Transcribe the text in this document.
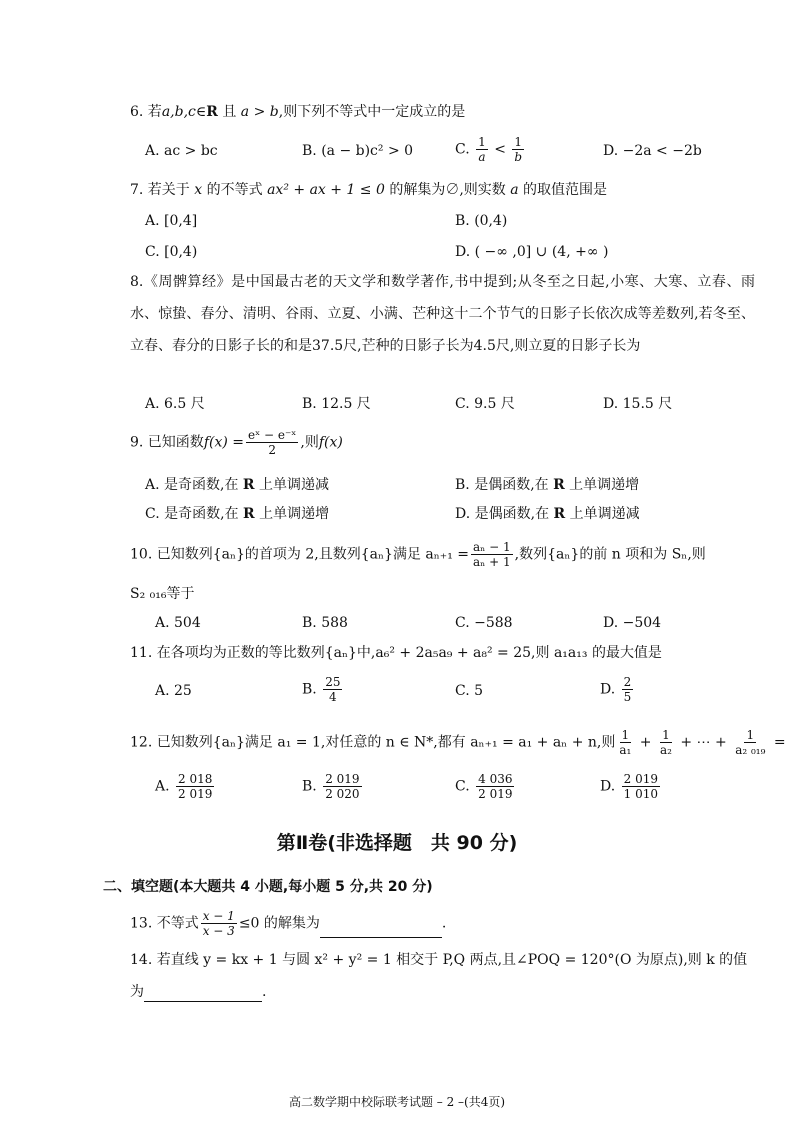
6. 若a,b,c∈R 且 a > b,则下列不等式中一定成立的是
A. ac > bc	B. (a − b)c² > 0	C. $\frac{1}{a} < \frac{1}{b}$	D. −2a < −2b
7. 若关于 x 的不等式 ax² + ax + 1 ≤ 0 的解集为∅,则实数 a 的取值范围是
A. [0,4]	B. (0,4)
C. [0,4)	D. ( −∞ ,0] ∪ (4, +∞ )
8.《周髀算经》是中国最古老的天文学和数学著作,书中提到;从冬至之日起,小寒、大寒、立春、雨水、惊蛰、春分、清明、谷雨、立夏、小满、芒种这十二个节气的日影子长依次成等差数列,若冬至、立春、春分的日影子长的和是37.5尺,芒种的日影子长为4.5尺,则立夏的日影子长为
A. 6.5 尺	B. 12.5 尺	C. 9.5 尺	D. 15.5 尺
9. 已知函数$f(x) = \frac{\text{eˣ − e⁻ˣ}}{2}$ ,则f(x)
A. 是奇函数,在 R 上单调递减	B. 是偶函数,在 R 上单调递增
C. 是奇函数,在 R 上单调递增	D. 是偶函数,在 R 上单调递减
10. 已知数列{aₙ}的首项为 2,且数列{aₙ}满足 $a_{n+1} = \frac{\text{aₙ − 1}}{\text{aₙ + 1}}$ ,数列{aₙ}的前 n 项和为 Sₙ,则
S₂ ₀₁₆等于
A. 504	B. 588	C. −588	D. −504
11. 在各项均为正数的等比数列{aₙ}中,a₆² + 2a₅a₉ + a₈² = 25,则 a₁a₁₃ 的最大值是
A. 25	B. $\frac{25}{4}$	C. 5	D. $\frac{2}{5}$
12. 已知数列{aₙ}满足 a₁ = 1,对任意的 n ∈ N*,都有 aₙ₊₁ = a₁ + aₙ + n,则 $\frac{1}{\text{a₁}} + \frac{1}{\text{a₂}}$ + ⋯ + $\frac{1}{\text{a₂ ₀₁₉}}$ =
A. $\frac{2 018}{2 019}$	B. $\frac{2 019}{2 020}$	C. $\frac{4 036}{2 019}$	D. $\frac{2 019}{1 010}$
第Ⅱ卷(非选择题　共 90 分)
二、填空题(本大题共 4 小题,每小题 5 分,共 20 分)
13. 不等式 $\frac{x - 1}{x - 3} \le 0$ 的解集为	.
14. 若直线 y = kx + 1 与圆 x² + y² = 1 相交于 P,Q 两点,且∠POQ = 120°(O 为原点),则 k 的值
为	.
高二数学期中校际联考试题 – 2 –(共4页)
